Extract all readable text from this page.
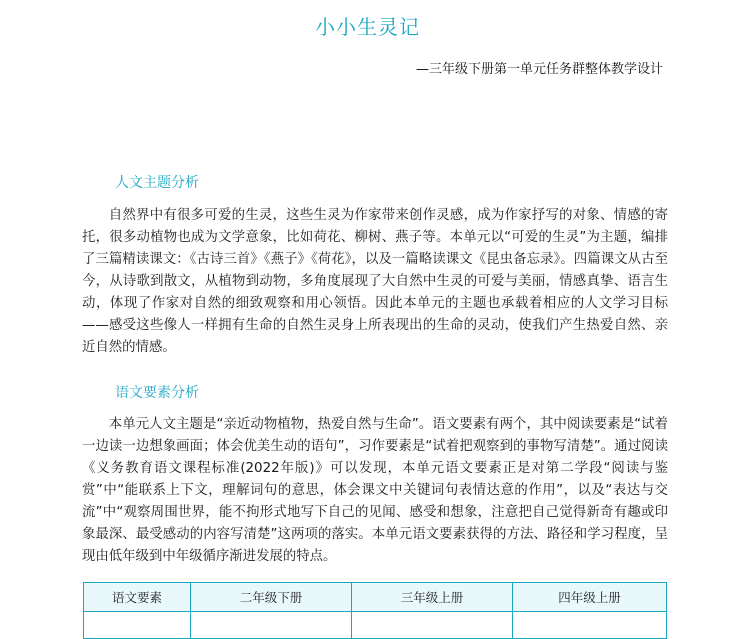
小小生灵记
—三年级下册第一单元任务群整体教学设计
人文主题分析

自然界中有很多可爱的生灵，这些生灵为作家带来创作灵感，成为作家抒写的对象、情感的寄托，很多动植物也成为文学意象，比如荷花、柳树、燕子等。本单元以“可爱的生灵”为主题，编排了三篇精读课文：《古诗三首》《燕子》《荷花》，以及一篇略读课文《昆虫备忘录》。四篇课文从古至今，从诗歌到散文，从植物到动物，多角度展现了大自然中生灵的可爱与美丽，情感真挚、语言生动，体现了作家对自然的细致观察和用心领悟。因此本单元的主题也承载着相应的人文学习目标——感受这些像人一样拥有生命的自然生灵身上所表现出的生命的灵动，使我们产生热爱自然、亲近自然的情感。

语文要素分析

本单元人文主题是“亲近动物植物，热爱自然与生命”。语文要素有两个，其中阅读要素是“试着一边读一边想象画面；体会优美生动的语句”，习作要素是“试着把观察到的事物写清楚”。通过阅读《义务教育语文课程标准(2022年版)》可以发现，本单元语文要素正是对第二学段“阅读与鉴赏”中“能联系上下文，理解词句的意思，体会课文中关键词句表情达意的作用”，以及“表达与交流”中“观察周围世界，能不拘形式地写下自己的见闻、感受和想象，注意把自己觉得新奇有趣或印象最深、最受感动的内容写清楚”这两项的落实。本单元语文要素获得的方法、路径和学习程度，呈现由低年级到中年级循序渐进发展的特点。

语文要素	二年级下册	三年级上册	四年级上册
